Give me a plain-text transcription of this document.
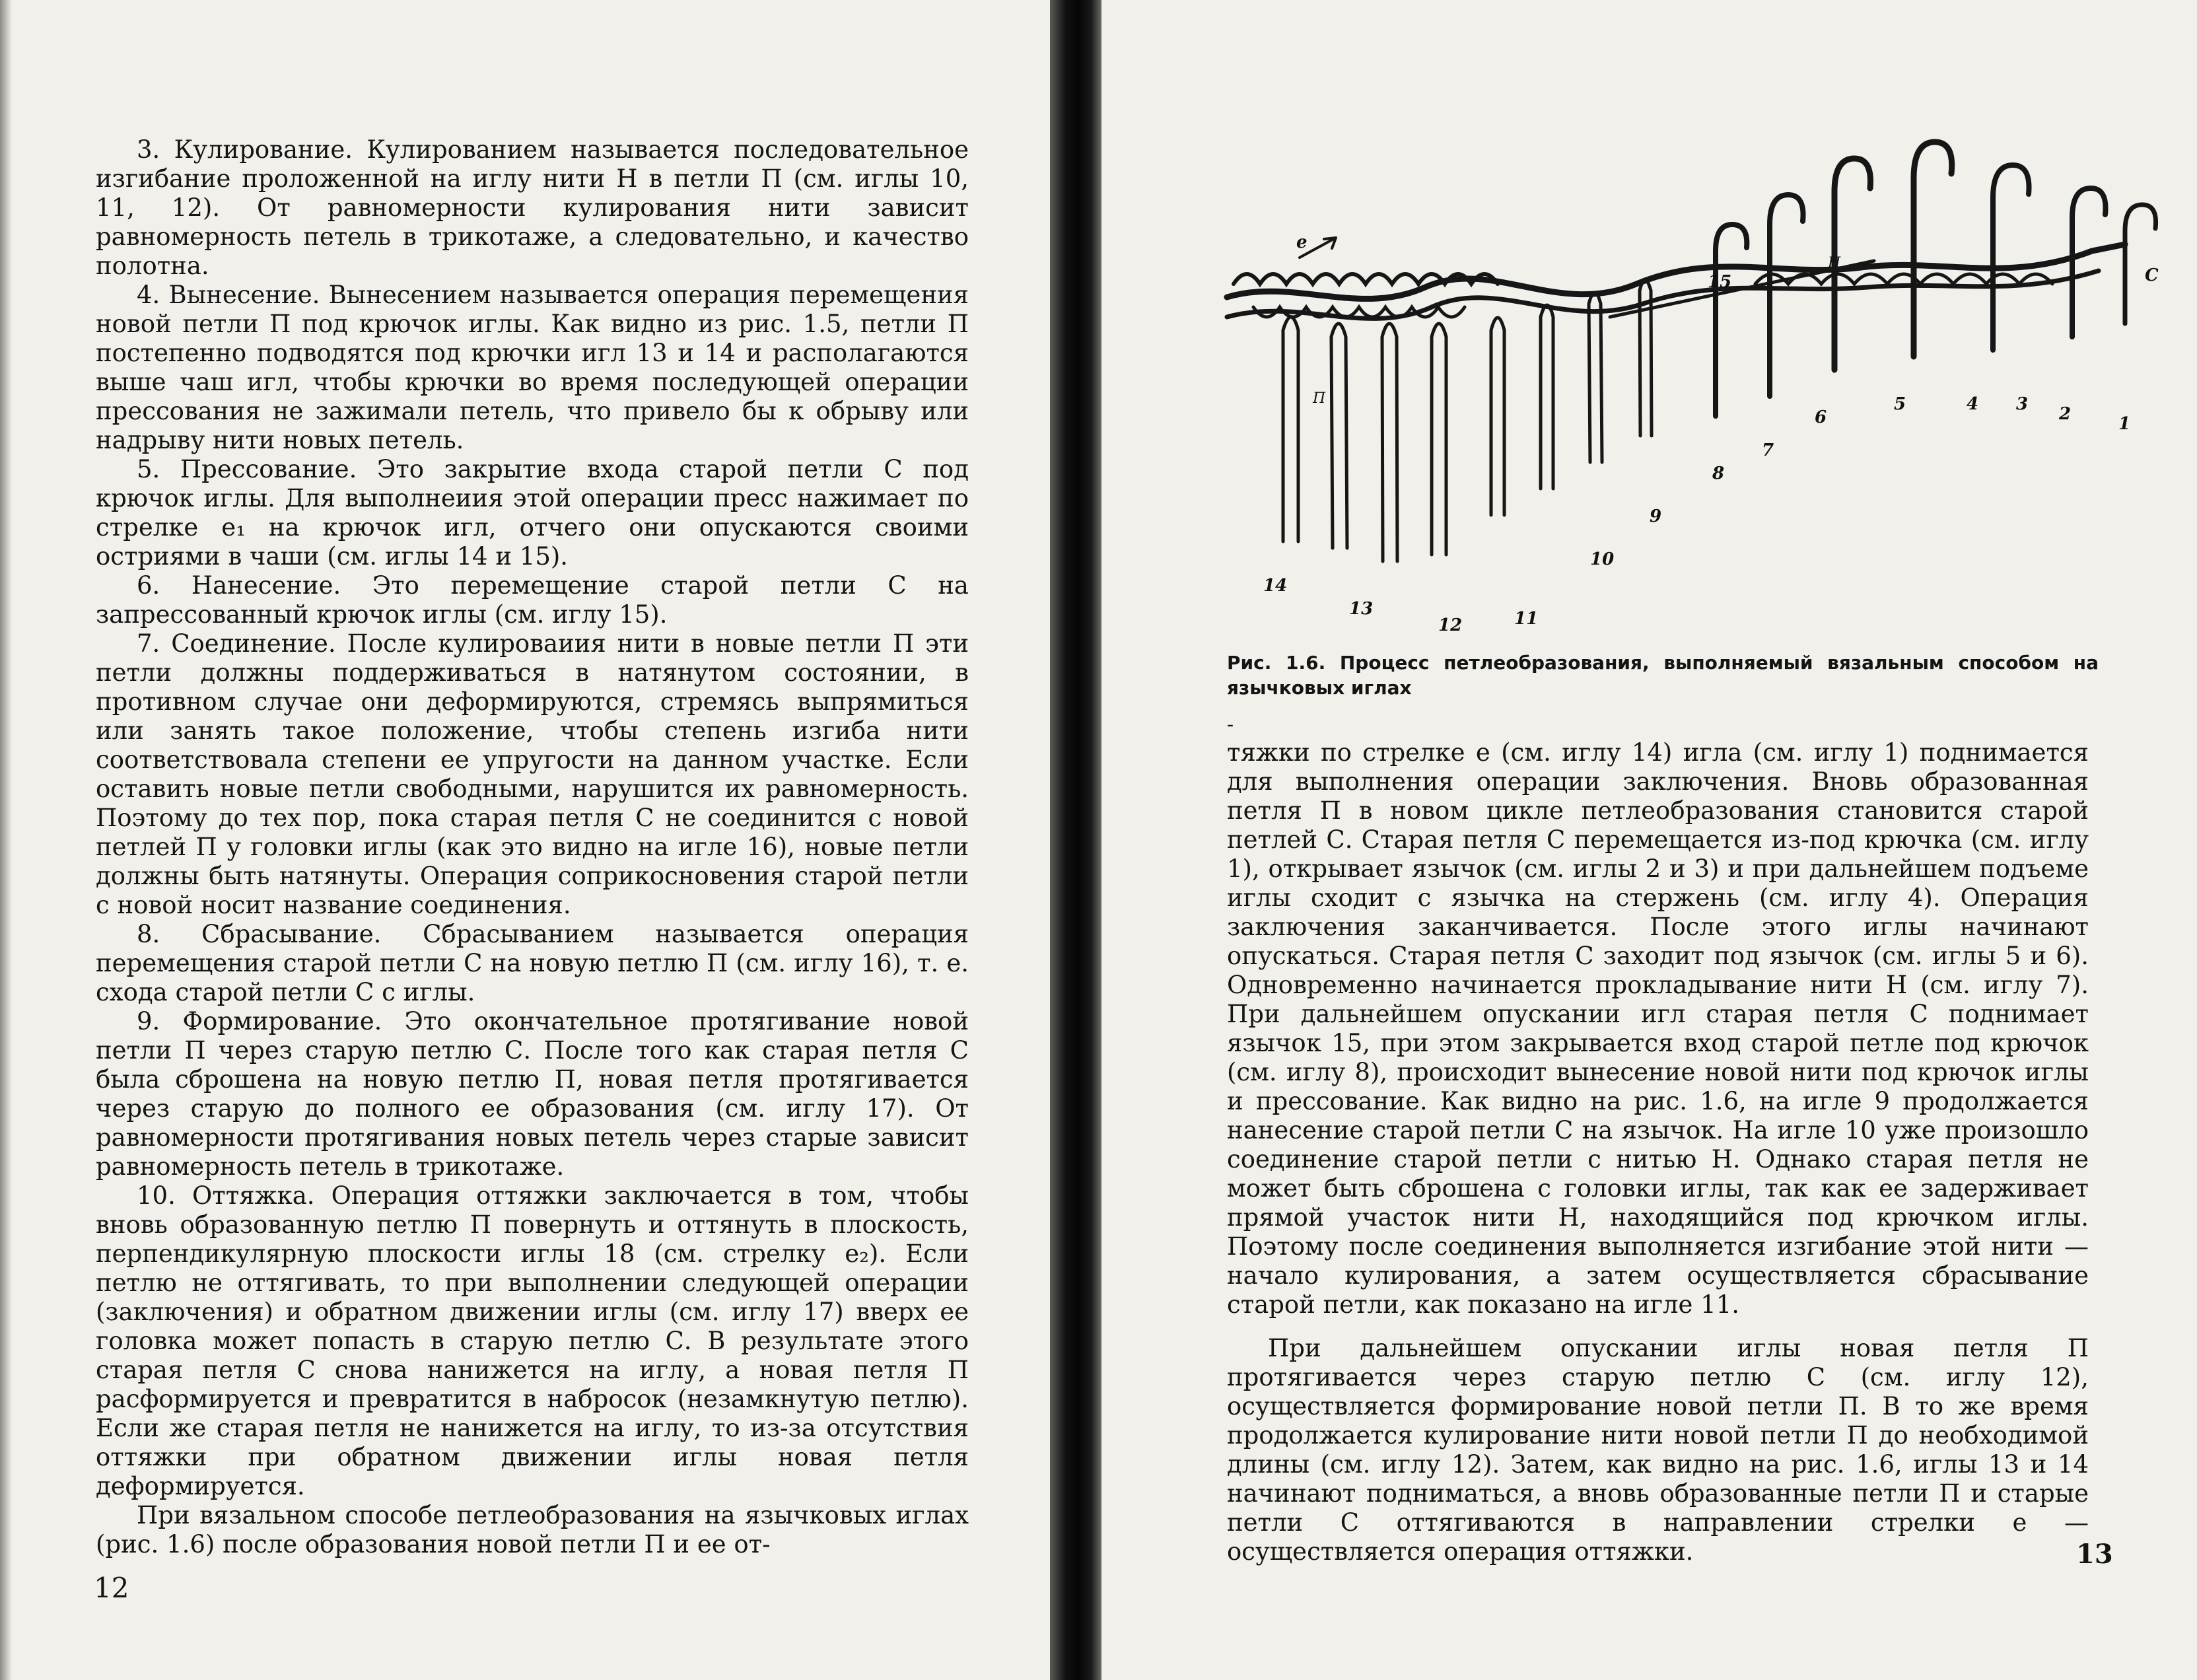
3. Кулирование. Кулированием называется последовательное изгибание проложенной на иглу нити Н в петли П (см. иглы 10, 11, 12). От равномерности кулирования нити зависит равномерность петель в трикотаже, а следовательно, и качество полотна.

4. Вынесение. Вынесением называется операция перемещения новой петли П под крючок иглы. Как видно из рис. 1.5, петли П постепенно подводятся под крючки игл 13 и 14 и располагаются выше чаш игл, чтобы крючки во время последующей операции прессования не зажимали петель, что привело бы к обрыву или надрыву нити новых петель.

5. Прессование. Это закрытие входа старой петли С под крючок иглы. Для выполнеиия этой операции пресс нажимает по стрелке e₁ на крючок игл, отчего они опускаются своими остриями в чаши (см. иглы 14 и 15).

6. Нанесение. Это перемещение старой петли С на запрессованный крючок иглы (см. иглу 15).

7. Соединение. После кулироваиия нити в новые петли П эти петли должны поддерживаться в натянутом состоянии, в противном случае они деформируются, стремясь выпрямиться или занять такое положение, чтобы степень изгиба нити соответствовала степени ее упругости на данном участке. Если оставить новые петли свободными, нарушится их равномерность. Поэтому до тех пор, пока старая петля С не соединится с новой петлей П у головки иглы (как это видно на игле 16), новые петли должны быть натянуты. Операция соприкосновения старой петли с новой носит название соединения.

8. Сбрасывание. Сбрасыванием называется операция перемещения старой петли С на новую петлю П (см. иглу 16), т. е. схода старой петли С с иглы.

9. Формирование. Это окончательное протягивание новой пeтли П через старую петлю С. После того как старая петля С была сброшена на новую петлю П, новая петля протягивается через старую до полного ее образования (см. иглу 17). От равномерности протягивания новых петель через старые зависит равномерность петель в трикотаже.

10. Оттяжка. Операция оттяжки заключается в том, чтобы вновь образованную петлю П повернуть и оттянуть в плоскость, перпендикулярную плоскости иглы 18 (см. стрелку e₂). Если петлю не оттягивать, то при выполнении следующей операции (заключения) и обратном движении иглы (см. иглу 17) вверх ее головка может попасть в старую петлю С. В результате этого старая петля С снова нанижется на иглу, а новая петля П расформируется и превратится в набросок (незамкнутую петлю). Если же старая петля не нанижется на иглу, то из-за отсутствия оттяжки при обратном движении иглы новая петля деформируется.

При вязальном способе петлеобразования на язычковых иглах (рис. 1.6) после образования новой петли П и ее от-

12
e
С
Н
П
1
2
3
4
5
6
7
8
9
10
11
12
13
14
15
Рис. 1.6. Процесс петлеобразования, выполняемый вязальным способом на язычковых иглах
-

тяжки по стрелке е (см. иглу 14) игла (см. иглу 1) поднимается для выполнения операции заключения. Вновь образованная петля П в новом цикле петлеобразования становится старой петлей С. Старая петля С перемещается из-под крючка (см. иглу 1), открывает язычок (см. иглы 2 и 3) и при дальнейшем подъеме иглы сходит с язычка на стержень (см. иглу 4). Операция заключения заканчивается. После этого иглы начинают опускаться. Старая петля С заходит под язычок (см. иглы 5 и 6). Одновременно начинается прокладывание нити Н (см. иглу 7). При дальнейшем опускании игл старая петля С поднимает язычок 15, при этом закрывается вход старой петле под крючок (см. иглу 8), происходит вынесение новой нити под крючок иглы и прессование. Как видно на рис. 1.6, на игле 9 продолжается нанесение старой петли С на язычок. На игле 10 уже произошло соединение старой петли с нитью Н. Однако старая петля не может быть сброшена с головки иглы, так как ее задерживает прямой участок нити Н, находящийся под крючком иглы. Поэтому после соединения выполняется изгибание этой нити — начало кулирования, а затем осуществляется сбрасывание старой петли, как показано на игле 11.

При дальнейшем опускании иглы новая петля П протягивается через старую петлю С (см. иглу 12), осуществляется формирование новой петли П. В то же время продолжается кулирование нити новой петли П до необходимой длины (см. иглу 12). Затем, как видно на рис. 1.6, иглы 13 и 14 начинают подниматься, а вновь образованные петли П и старые петли С оттягиваются в направлении стрелки е — осуществляется операция оттяжки.	13
